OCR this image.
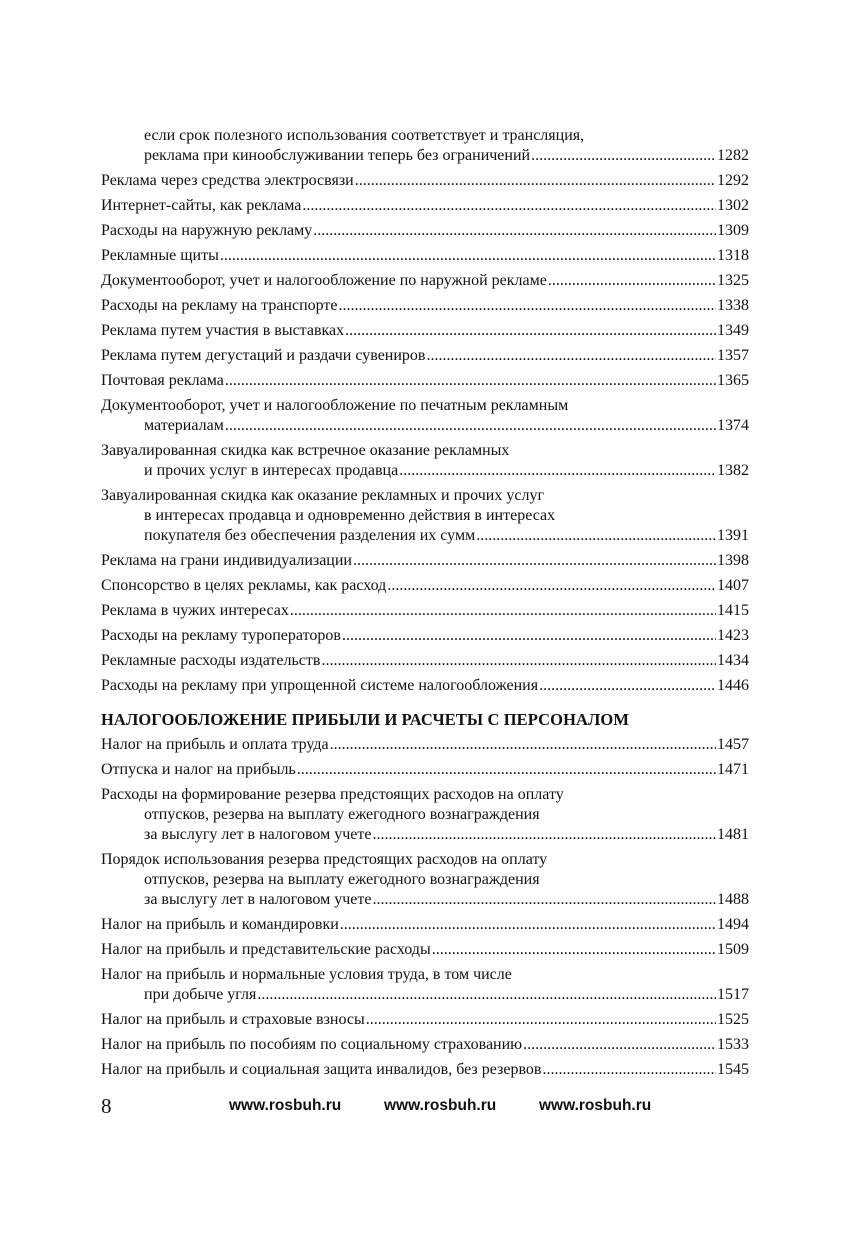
если срок полезного использования соответствует и трансляция,
реклама при кинообслуживании теперь без ограничений .....	1282
Реклама через средства электросвязи .....	1292
Интернет-сайты, как реклама .....	1302
Расходы на наружную рекламу .....	1309
Рекламные щиты .....	1318
Документооборот, учет и налогообложение по наружной рекламе .....	1325
Расходы на рекламу на транспорте .....	1338
Реклама путем участия в выставках .....	1349
Реклама путем дегустаций и раздачи сувениров .....	1357
Почтовая реклама .....	1365
Документооборот, учет и налогообложение по печатным рекламным
материалам .....	1374
Завуалированная скидка как встречное оказание рекламных
и прочих услуг в интересах продавца .....	1382
Завуалированная скидка как оказание рекламных и прочих услуг
в интересах продавца и одновременно действия в интересах
покупателя без обеспечения разделения их сумм .....	1391
Реклама на грани индивидуализации .....	1398
Спонсорство в целях рекламы, как расход .....	1407
Реклама в чужих интересах .....	1415
Расходы на рекламу туроператоров .....	1423
Рекламные расходы издательств .....	1434
Расходы на рекламу при упрощенной системе налогообложения .....	1446
НАЛОГООБЛОЖЕНИЕ ПРИБЫЛИ И РАСЧЕТЫ С ПЕРСОНАЛОМ
Налог на прибыль и оплата труда .....	1457
Отпуска и налог на прибыль .....	1471
Расходы на формирование резерва предстоящих расходов на оплату
отпусков, резерва на выплату ежегодного вознаграждения
за выслугу лет в налоговом учете .....	1481
Порядок использования резерва предстоящих расходов на оплату
отпусков, резерва на выплату ежегодного вознаграждения
за выслугу лет в налоговом учете .....	1488
Налог на прибыль и командировки .....	1494
Налог на прибыль и представительские расходы .....	1509
Налог на прибыль и нормальные условия труда, в том числе
при добыче угля .....	1517
Налог на прибыль и страховые взносы .....	1525
Налог на прибыль по пособиям по социальному страхованию .....	1533
Налог на прибыль и социальная защита инвалидов, без резервов .....	1545
8	www.rosbuh.ru	www.rosbuh.ru	www.rosbuh.ru
